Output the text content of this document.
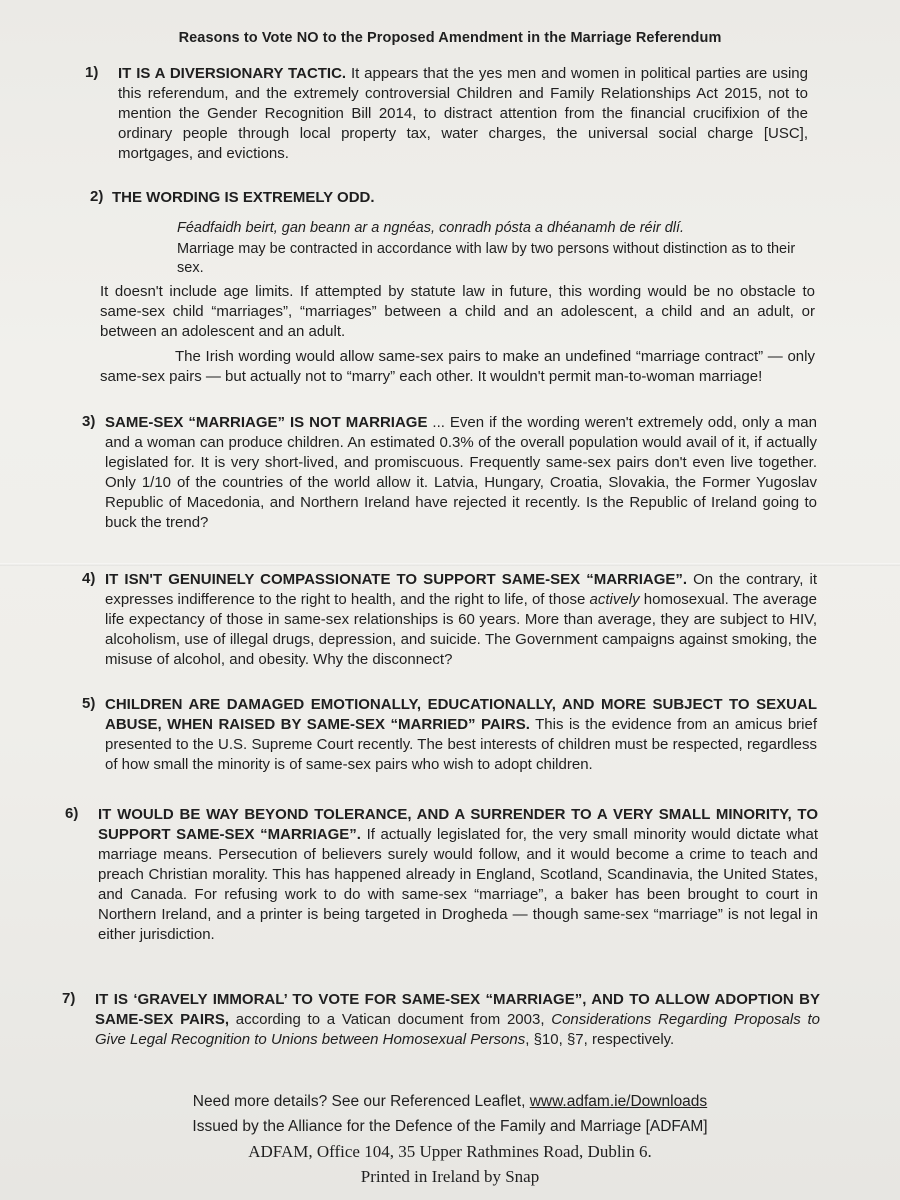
Reasons to Vote NO to the Proposed Amendment in the Marriage Referendum
1) IT IS A DIVERSIONARY TACTIC. It appears that the yes men and women in political parties are using this referendum, and the extremely controversial Children and Family Relationships Act 2015, not to mention the Gender Recognition Bill 2014, to distract attention from the financial crucifixion of the ordinary people through local property tax, water charges, the universal social charge [USC], mortgages, and evictions.
2) THE WORDING IS EXTREMELY ODD.
Féadfaidh beirt, gan beann ar a ngnéas, conradh pósta a dhéanamh de réir dlí.
Marriage may be contracted in accordance with law by two persons without distinction as to their sex.
It doesn't include age limits. If attempted by statute law in future, this wording would be no obstacle to same-sex child “marriages”, “marriages” between a child and an adolescent, a child and an adult, or between an adolescent and an adult.
The Irish wording would allow same-sex pairs to make an undefined “marriage contract” — only same-sex pairs — but actually not to “marry” each other. It wouldn't permit man-to-woman marriage!
3) SAME-SEX “MARRIAGE” IS NOT MARRIAGE ... Even if the wording weren't extremely odd, only a man and a woman can produce children. An estimated 0.3% of the overall population would avail of it, if actually legislated for. It is very short-lived, and promiscuous. Frequently same-sex pairs don't even live together. Only 1/10 of the countries of the world allow it. Latvia, Hungary, Croatia, Slovakia, the Former Yugoslav Republic of Macedonia, and Northern Ireland have rejected it recently. Is the Republic of Ireland going to buck the trend?
4) IT ISN'T GENUINELY COMPASSIONATE TO SUPPORT SAME-SEX “MARRIAGE”. On the contrary, it expresses indifference to the right to health, and the right to life, of those actively homosexual. The average life expectancy of those in same-sex relationships is 60 years. More than average, they are subject to HIV, alcoholism, use of illegal drugs, depression, and suicide. The Government campaigns against smoking, the misuse of alcohol, and obesity. Why the disconnect?
5) CHILDREN ARE DAMAGED EMOTIONALLY, EDUCATIONALLY, AND MORE SUBJECT TO SEXUAL ABUSE, WHEN RAISED BY SAME-SEX “MARRIED” PAIRS. This is the evidence from an amicus brief presented to the U.S. Supreme Court recently. The best interests of children must be respected, regardless of how small the minority is of same-sex pairs who wish to adopt children.
6) IT WOULD BE WAY BEYOND TOLERANCE, AND A SURRENDER TO A VERY SMALL MINORITY, TO SUPPORT SAME-SEX “MARRIAGE”. If actually legislated for, the very small minority would dictate what marriage means. Persecution of believers surely would follow, and it would become a crime to teach and preach Christian morality. This has happened already in England, Scotland, Scandinavia, the United States, and Canada. For refusing work to do with same-sex “marriage”, a baker has been brought to court in Northern Ireland, and a printer is being targeted in Drogheda — though same-sex “marriage” is not legal in either jurisdiction.
7) IT IS ‘GRAVELY IMMORAL’ TO VOTE FOR SAME-SEX “MARRIAGE”, AND TO ALLOW ADOPTION BY SAME-SEX PAIRS, according to a Vatican document from 2003, Considerations Regarding Proposals to Give Legal Recognition to Unions between Homosexual Persons, §10, §7, respectively.
Need more details? See our Referenced Leaflet, www.adfam.ie/Downloads
Issued by the Alliance for the Defence of the Family and Marriage [ADFAM]
ADFAM, Office 104, 35 Upper Rathmines Road, Dublin 6.
Printed in Ireland by Snap
